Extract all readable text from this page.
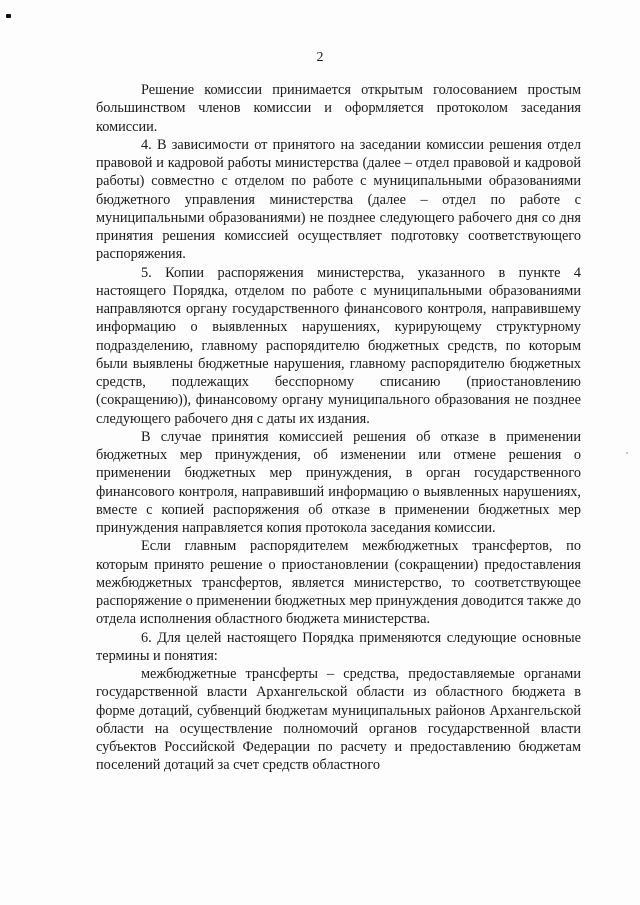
2

Решение комиссии принимается открытым голосованием простым большинством членов комиссии и оформляется протоколом заседания комиссии.

4. В зависимости от принятого на заседании комиссии решения отдел правовой и кадровой работы министерства (далее – отдел правовой и кадровой работы) совместно с отделом по работе с муниципальными образованиями бюджетного управления министерства (далее – отдел по работе с муниципальными образованиями) не позднее следующего рабочего дня со дня принятия решения комиссией осуществляет подготовку соответствующего распоряжения.

5. Копии распоряжения министерства, указанного в пункте 4 настоящего Порядка, отделом по работе с муниципальными образованиями направляются органу государственного финансового контроля, направившему информацию о выявленных нарушениях, курирующему структурному подразделению, главному распорядителю бюджетных средств, по которым были выявлены бюджетные нарушения, главному распорядителю бюджетных средств, подлежащих бесспорному списанию (приостановлению (сокращению)), финансовому органу муниципального образования не позднее следующего рабочего дня с даты их издания.

В случае принятия комиссией решения об отказе в применении бюджетных мер принуждения, об изменении или отмене решения о применении бюджетных мер принуждения, в орган государственного финансового контроля, направивший информацию о выявленных нарушениях, вместе с копией распоряжения об отказе в применении бюджетных мер принуждения направляется копия протокола заседания комиссии.

Если главным распорядителем межбюджетных трансфертов, по которым принято решение о приостановлении (сокращении) предоставления межбюджетных трансфертов, является министерство, то соответствующее распоряжение о применении бюджетных мер принуждения доводится также до отдела исполнения областного бюджета министерства.

6. Для целей настоящего Порядка применяются следующие основные термины и понятия:

межбюджетные трансферты – средства, предоставляемые органами государственной власти Архангельской области из областного бюджета в форме дотаций, субвенций бюджетам муниципальных районов Архангельской области на осуществление полномочий органов государственной власти субъектов Российской Федерации по расчету и предоставлению бюджетам поселений дотаций за счет средств областного
